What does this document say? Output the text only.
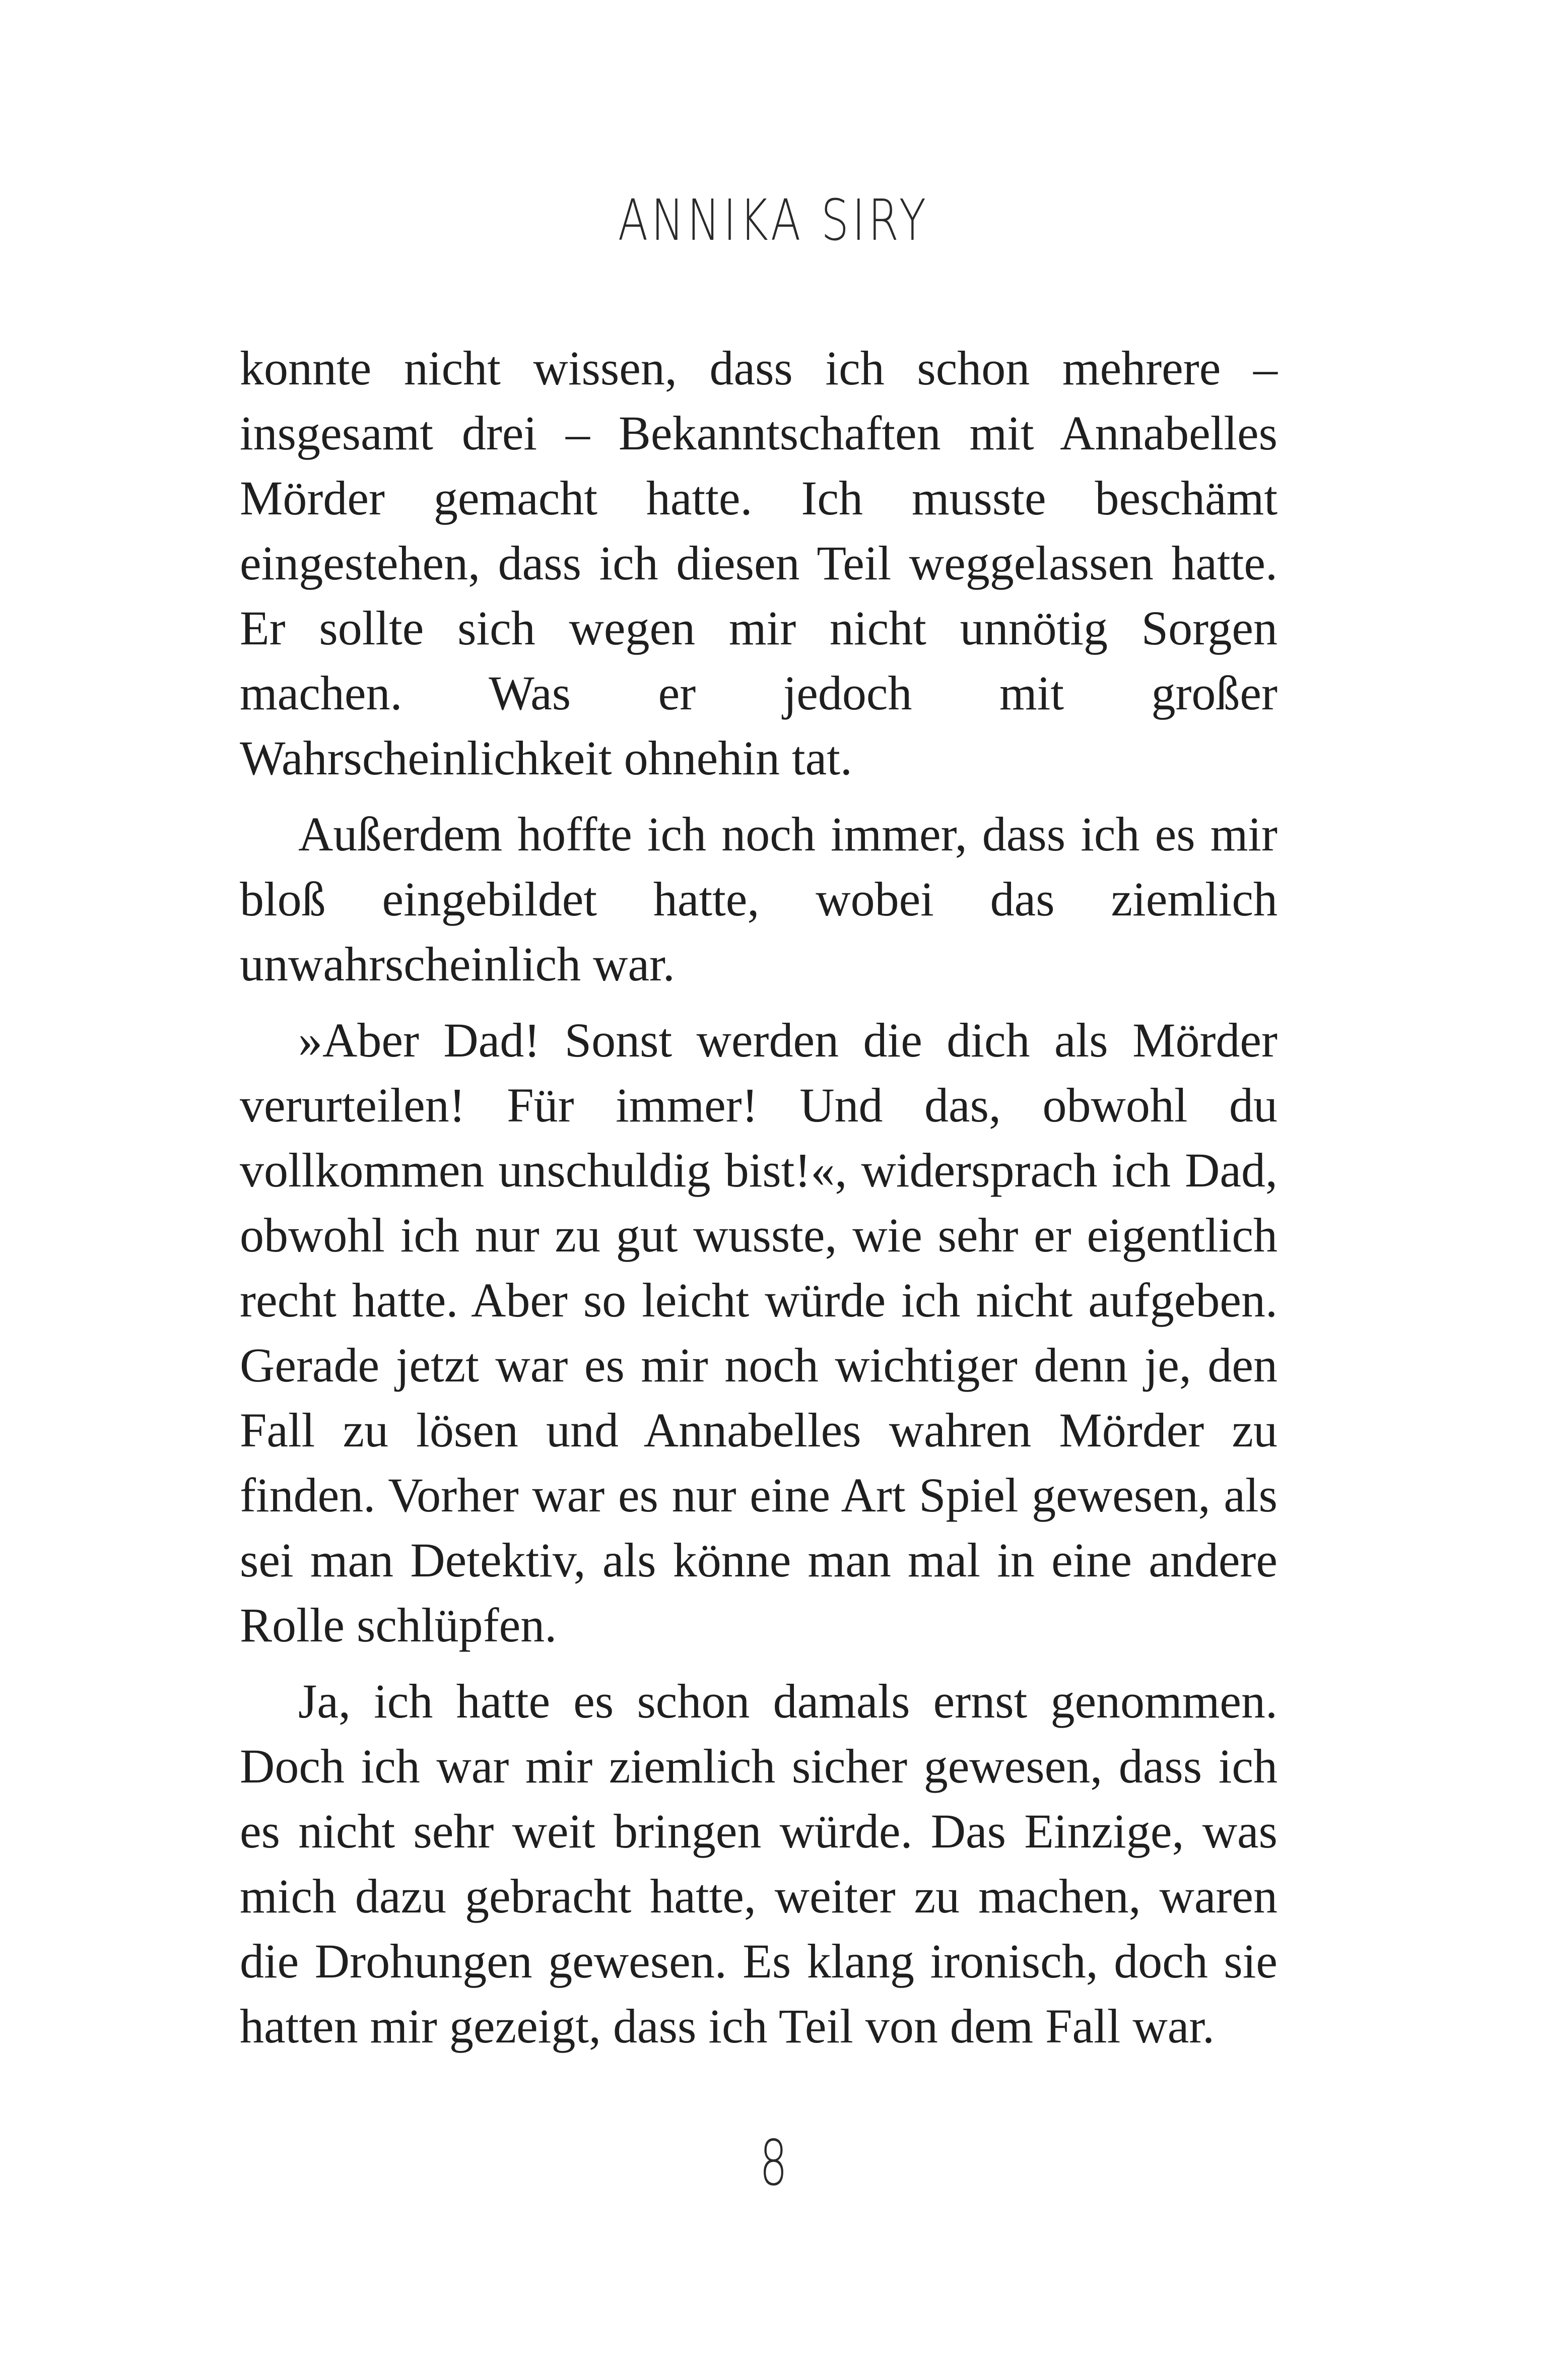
ANNIKA SIRY

konnte nicht wissen, dass ich schon mehrere – insgesamt drei – Bekanntschaften mit Annabelles Mörder gemacht hatte. Ich musste beschämt eingestehen, dass ich diesen Teil weggelassen hatte. Er sollte sich wegen mir nicht unnötig Sorgen machen. Was er jedoch mit großer Wahrscheinlichkeit ohnehin tat.

Außerdem hoffte ich noch immer, dass ich es mir bloß eingebildet hatte, wobei das ziemlich unwahrscheinlich war.

»Aber Dad! Sonst werden die dich als Mörder verurteilen! Für immer! Und das, obwohl du vollkommen unschuldig bist!«, widersprach ich Dad, obwohl ich nur zu gut wusste, wie sehr er eigentlich recht hatte. Aber so leicht würde ich nicht aufgeben. Gerade jetzt war es mir noch wichtiger denn je, den Fall zu lösen und Annabelles wahren Mörder zu finden. Vorher war es nur eine Art Spiel gewesen, als sei man Detektiv, als könne man mal in eine andere Rolle schlüpfen.

Ja, ich hatte es schon damals ernst genommen. Doch ich war mir ziemlich sicher gewesen, dass ich es nicht sehr weit bringen würde. Das Einzige, was mich dazu gebracht hatte, weiter zu machen, waren die Drohungen gewesen. Es klang ironisch, doch sie hatten mir gezeigt, dass ich Teil von dem Fall war.

8
